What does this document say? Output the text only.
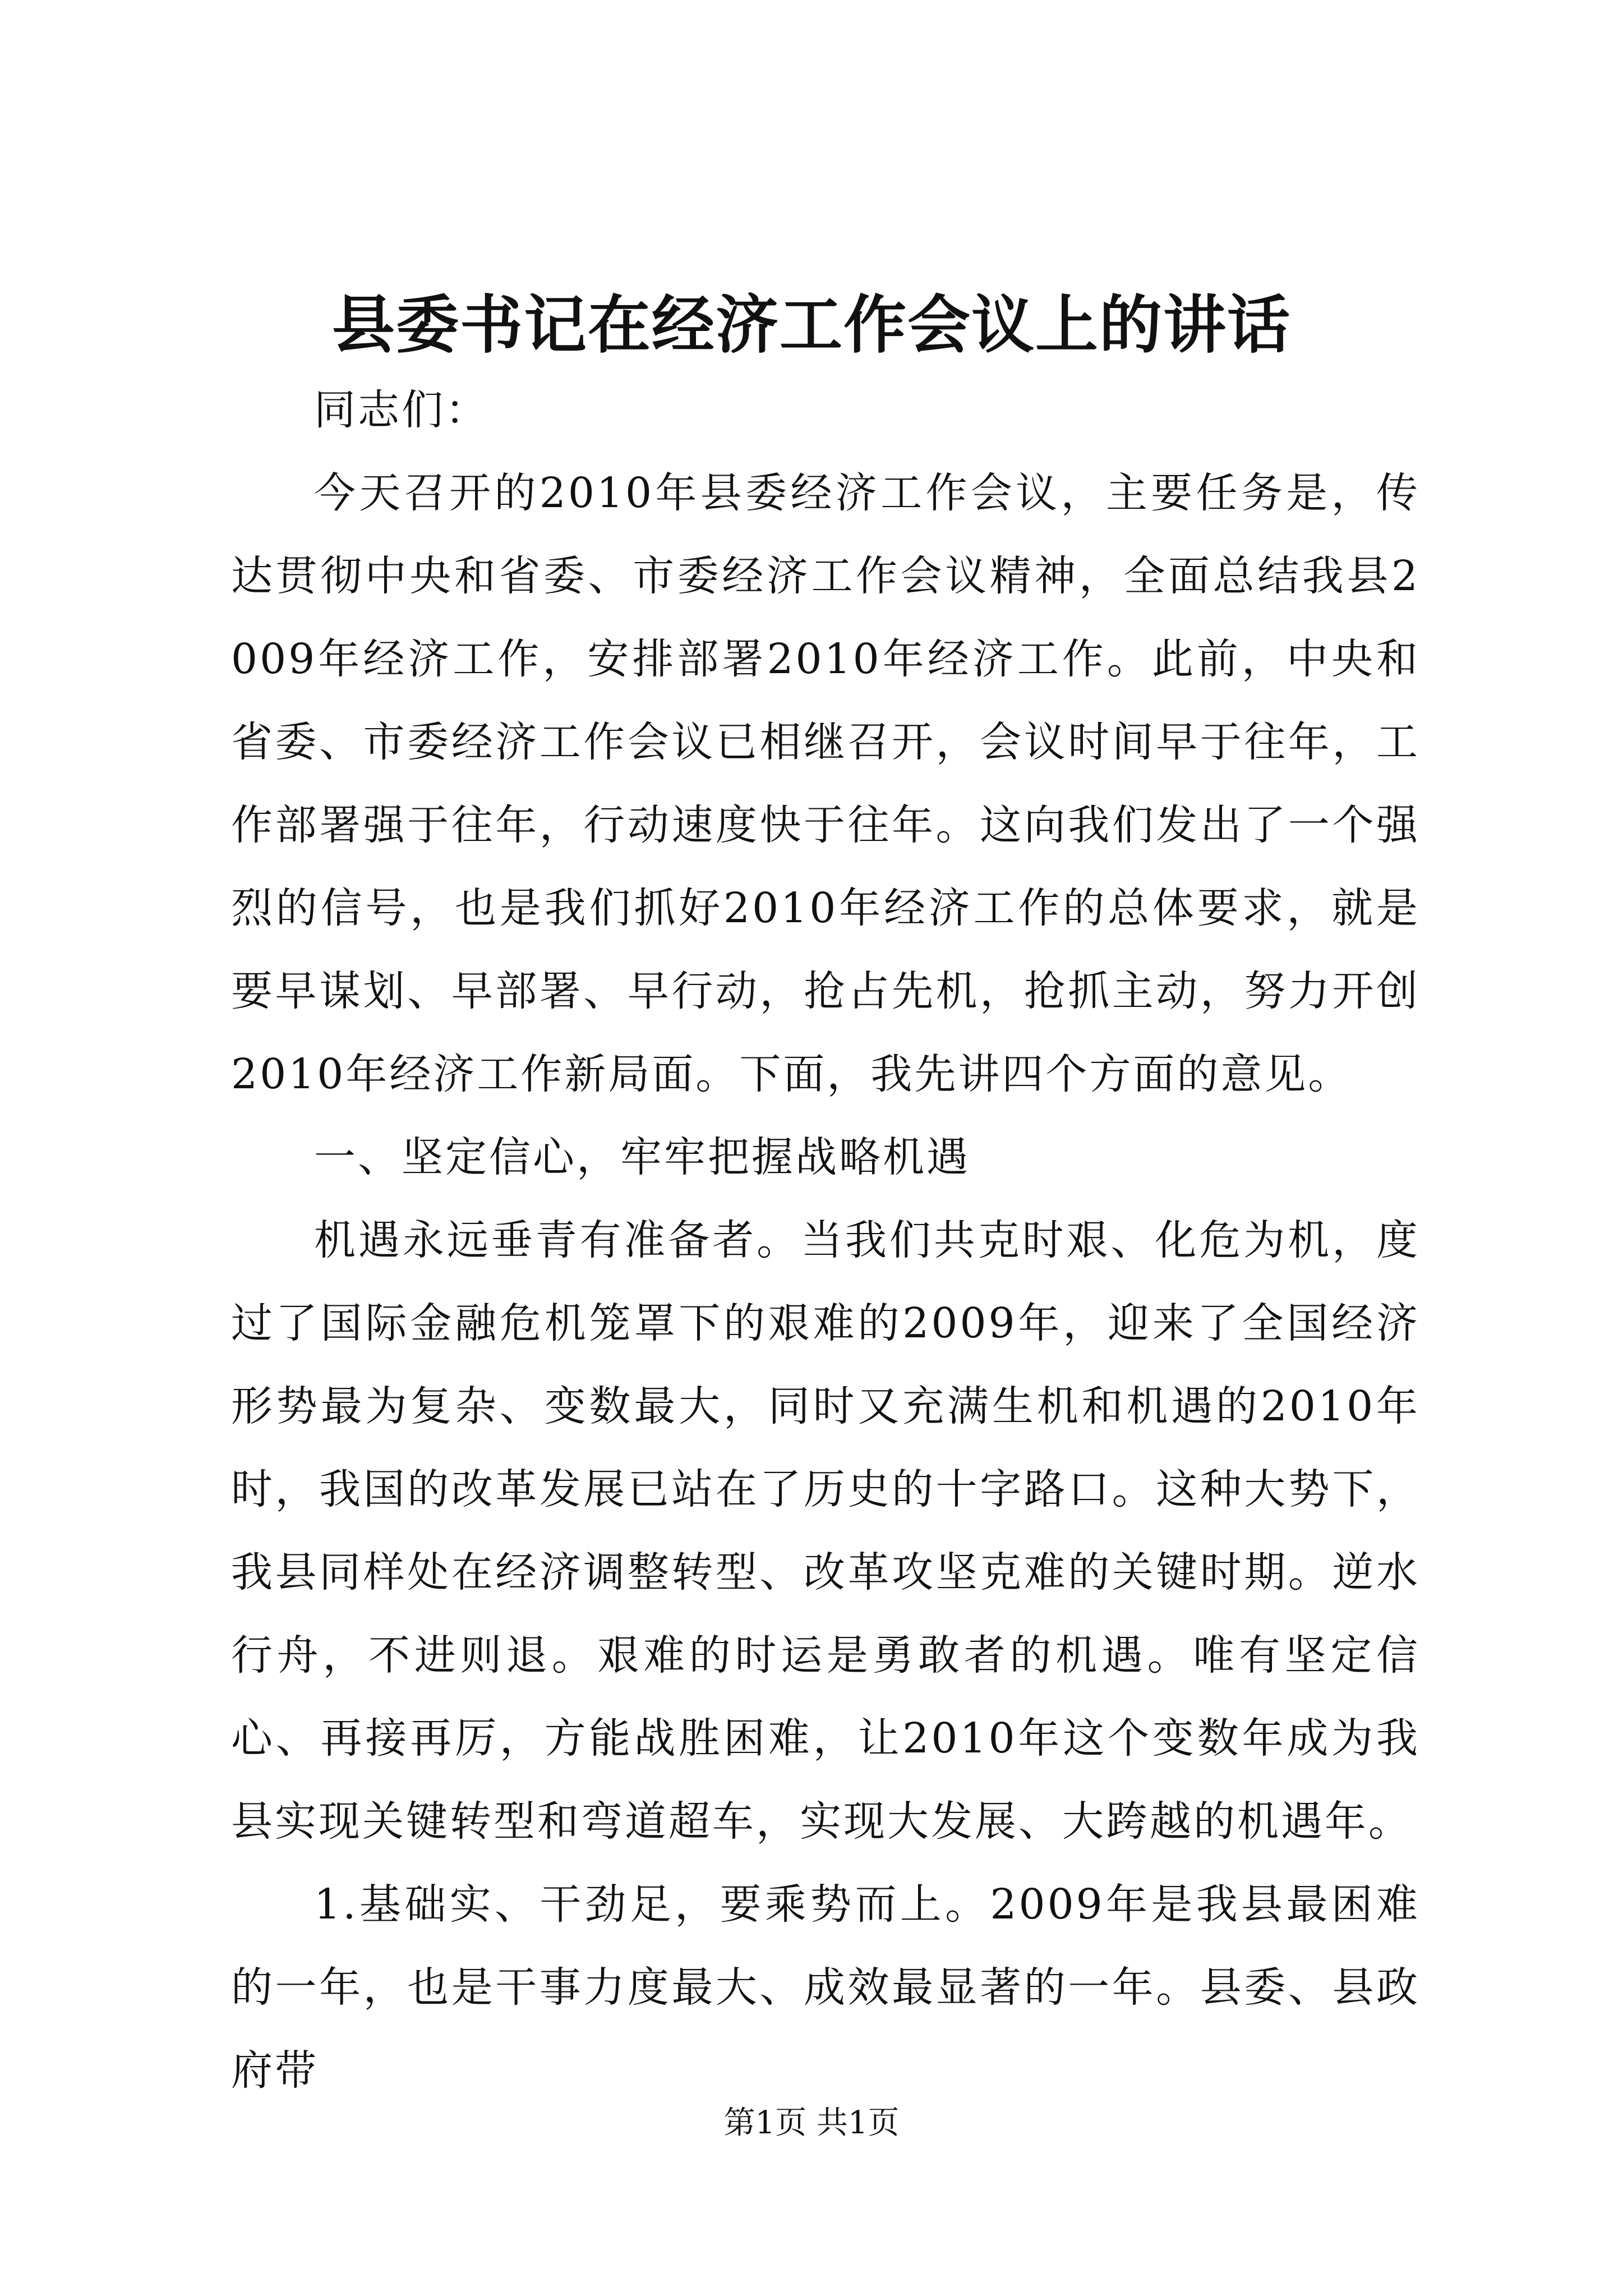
县委书记在经济工作会议上的讲话

同志们：

今天召开的2010年县委经济工作会议，主要任务是，传达贯彻中央和省委、市委经济工作会议精神，全面总结我县2009年经济工作，安排部署2010年经济工作。此前，中央和省委、市委经济工作会议已相继召开，会议时间早于往年，工作部署强于往年，行动速度快于往年。这向我们发出了一个强烈的信号，也是我们抓好2010年经济工作的总体要求，就是要早谋划、早部署、早行动，抢占先机，抢抓主动，努力开创2010年经济工作新局面。下面，我先讲四个方面的意见。

一、坚定信心，牢牢把握战略机遇

机遇永远垂青有准备者。当我们共克时艰、化危为机，度过了国际金融危机笼罩下的艰难的2009年，迎来了全国经济形势最为复杂、变数最大，同时又充满生机和机遇的2010年时，我国的改革发展已站在了历史的十字路口。这种大势下，我县同样处在经济调整转型、改革攻坚克难的关键时期。逆水行舟，不进则退。艰难的时运是勇敢者的机遇。唯有坚定信心、再接再厉，方能战胜困难，让2010年这个变数年成为我县实现关键转型和弯道超车，实现大发展、大跨越的机遇年。

1.基础实、干劲足，要乘势而上。2009年是我县最困难的一年，也是干事力度最大、成效最显著的一年。县委、县政府带

第1页 共1页
